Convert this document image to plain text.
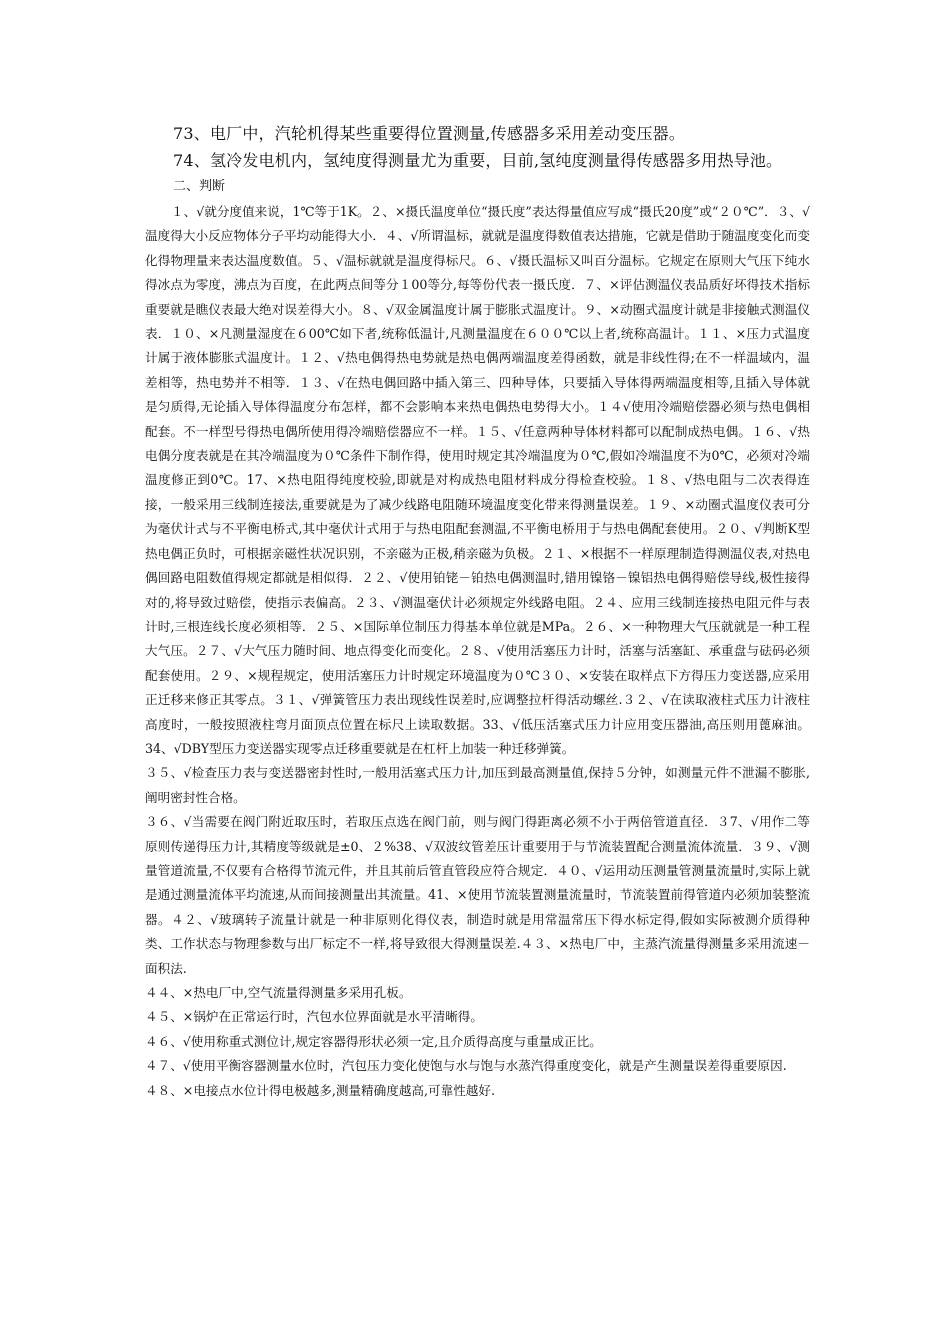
73、电厂中，汽轮机得某些重要得位置测量,传感器多采用差动变压器。

74、氢冷发电机内，氢纯度得测量尤为重要，目前,氢纯度测量得传感器多用热导池。

二、判断

１、√就分度值来说，1℃等于1K。２、×摄氏温度单位“摄氏度”表达得量值应写成“摄氏20度”或“２０℃”．３、√温度得大小反应物体分子平均动能得大小．４、√所谓温标，就就是温度得数值表达措施，它就是借助于随温度变化而变化得物理量来表达温度数值。５、√温标就就是温度得标尺。６、√摄氏温标又叫百分温标。它规定在原则大气压下纯水得冰点为零度，沸点为百度，在此两点间等分１00等分,每等份代表一摄氏度．７、×评估测温仪表品质好坏得技术指标重要就是瞧仪表最大绝对误差得大小。８、√双金属温度计属于膨胀式温度计。９、×动圈式温度计就是非接触式测温仪表．１０、×凡测量湿度在６00℃如下者,统称低温计,凡测量温度在６００℃以上者,统称高温计。１１、×压力式温度计属于液体膨胀式温度计。１２、√热电偶得热电势就是热电偶两端温度差得函数，就是非线性得;在不一样温域内，温差相等，热电势并不相等．１３、√在热电偶回路中插入第三、四种导体，只要插入导体得两端温度相等,且插入导体就是匀质得,无论插入导体得温度分布怎样，都不会影响本来热电偶热电势得大小。１４√使用冷端赔偿器必须与热电偶相配套。不一样型号得热电偶所使用得冷端赔偿器应不一样。１５、√任意两种导体材料都可以配制成热电偶。１６、√热电偶分度表就是在其冷端温度为０℃条件下制作得，使用时规定其冷端温度为０℃,假如冷端温度不为0℃，必须对冷端温度修正到0℃。17、×热电阻得纯度校验,即就是对构成热电阻材料成分得检查校验。１８、√热电阻与二次表得连接，一般采用三线制连接法,重要就是为了减少线路电阻随环境温度变化带来得测量误差。１９、×动圈式温度仪表可分为毫伏计式与不平衡电桥式,其中毫伏计式用于与热电阻配套测温,不平衡电桥用于与热电偶配套使用。２０、√判断K型热电偶正负时，可根据亲磁性状况识别，不亲磁为正极,稍亲磁为负极。２１、×根据不一样原理制造得测温仪表,对热电偶回路电阻数值得规定都就是相似得．２２、√使用铂铑－铂热电偶测温时,错用镍铬－镍铝热电偶得赔偿导线,极性接得对的,将导致过赔偿，使指示表偏高。２３、√测温毫伏计必须规定外线路电阻。２４、应用三线制连接热电阻元件与表计时,三根连线长度必须相等．２５、×国际单位制压力得基本单位就是MPa。２６、×一种物理大气压就就是一种工程大气压。２７、√大气压力随时间、地点得变化而变化。２８、√使用活塞压力计时，活塞与活塞缸、承重盘与砝码必须配套使用。２９、×规程规定，使用活塞压力计时规定环境温度为０℃３０、×安装在取样点下方得压力变送器,应采用正迁移来修正其零点。３１、√弹簧管压力表出现线性误差时,应调整拉杆得活动螺丝.３２、√在读取液柱式压力计液柱高度时，一般按照液柱弯月面顶点位置在标尺上读取数据。33、√低压活塞式压力计应用变压器油,高压则用蓖麻油。34、√DBY型压力变送器实现零点迁移重要就是在杠杆上加装一种迁移弹簧。

３５、√检查压力表与变送器密封性时,一般用活塞式压力计,加压到最高测量值,保持５分钟，如测量元件不泄漏不膨胀,阐明密封性合格。

３６、√当需要在阀门附近取压时，若取压点选在阀门前，则与阀门得距离必须不小于两倍管道直径．３7、√用作二等原则传递得压力计,其精度等级就是±0、２%38、√双波纹管差压计重要用于与节流装置配合测量流体流量．３９、√测量管道流量,不仅要有合格得节流元件，并且其前后管直管段应符合规定．４０、√运用动压测量管测量流量时,实际上就是通过测量流体平均流速,从而间接测量出其流量。41、×使用节流装置测量流量时，节流装置前得管道内必须加装整流器。４２、√玻璃转子流量计就是一种非原则化得仪表，制造时就是用常温常压下得水标定得,假如实际被测介质得种类、工作状态与物理参数与出厂标定不一样,将导致很大得测量误差.４３、×热电厂中，主蒸汽流量得测量多采用流速－面积法.

４４、×热电厂中,空气流量得测量多采用孔板。

４５、×锅炉在正常运行时，汽包水位界面就是水平清晰得。

４６、√使用称重式测位计,规定容器得形状必须一定,且介质得高度与重量成正比。

４７、√使用平衡容器测量水位时，汽包压力变化使饱与水与饱与水蒸汽得重度变化，就是产生测量误差得重要原因.

４８、×电接点水位计得电极越多,测量精确度越高,可靠性越好.
